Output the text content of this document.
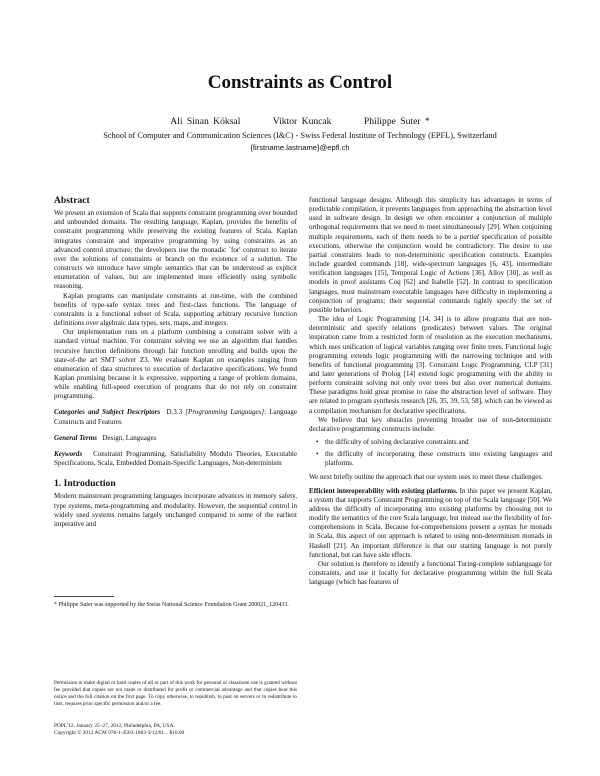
Constraints as Control
Ali Sinan Köksal	Viktor Kuncak	Philippe Suter *
School of Computer and Communication Sciences (I&C) - Swiss Federal Institute of Technology (EPFL), Switzerland
{firstname.lastname}@epfl.ch
Abstract

We present an extension of Scala that supports constraint programming over bounded and unbounded domains. The resulting language, Kaplan, provides the benefits of constraint programming while preserving the existing features of Scala. Kaplan integrates constraint and imperative programming by using constraints as an advanced control structure; the developers use the monadic `for' construct to iterate over the solutions of constraints or branch on the existence of a solution. The constructs we introduce have simple semantics that can be understood as explicit enumeration of values, but are implemented more efficiently using symbolic reasoning.

Kaplan programs can manipulate constraints at run-time, with the combined benefits of type-safe syntax trees and first-class functions. The language of constraints is a functional subset of Scala, supporting arbitrary recursive function definitions over algebraic data types, sets, maps, and integers.

Our implementation runs on a platform combining a constraint solver with a standard virtual machine. For constraint solving we use an algorithm that handles recursive function definitions through fair function unrolling and builds upon the state-of-the art SMT solver Z3. We evaluate Kaplan on examples ranging from enumeration of data structures to execution of declarative specifications. We found Kaplan promising because it is expressive, supporting a range of problem domains, while enabling full-speed execution of programs that do not rely on constraint programming.

Categories and Subject Descriptors D.3.3 [Programming Languages]: Language Constructs and Features

General Terms Design, Languages

Keywords Constraint Programming, Satisfiability Modulo Theories, Executable Specifications, Scala, Embedded Domain-Specific Languages, Non-determinism

1. Introduction

Modern mainstream programming languages incorporate advances in memory safety, type systems, meta-programming and modularity. However, the sequential control in widely used systems remains largely unchanged compared to some of the earliest imperative and

* Philippe Suter was supported by the Swiss National Science Foundation Grant 200021_120433.
Permission to make digital or hard copies of all or part of this work for personal or classroom use is granted without fee provided that copies are not made or distributed for profit or commercial advantage and that copies bear this notice and the full citation on the first page. To copy otherwise, to republish, to post on servers or to redistribute to lists, requires prior specific permission and/or a fee.
POPL'12, January 25–27, 2012, Philadelphia, PA, USA.
Copyright © 2012 ACM 978-1-4503-1083-3/12/01... $10.00

functional language designs. Although this simplicity has advantages in terms of predictable compilation, it prevents languages from approaching the abstraction level used in software design. In design we often encounter a conjunction of multiple orthogonal requirements that we need to meet simultaneously [29]. When conjoining multiple requirements, each of them needs to be a partial specification of possible executions, otherwise the conjunction would be contradictory. The desire to use partial constraints leads to non-deterministic specification constructs. Examples include guarded commands [18], wide-spectrum languages [6, 43], intermediate verification languages [15], Temporal Logic of Actions [36], Alloy [30], as well as models in proof assistants Coq [62] and Isabelle [52]. In contrast to specification languages, most mainstream executable languages have difficulty in implementing a conjunction of programs; their sequential commands tightly specify the set of possible behaviors.

The idea of Logic Programming [14, 34] is to allow programs that are non-deterministic and specify relations (predicates) between values. The original inspiration came from a restricted form of resolution as the execution mechanisms, which uses unification of logical variables ranging over finite trees. Functional logic programming extends logic programming with the narrowing technique and with benefits of functional programming [3]. Constraint Logic Programming, CLP [31] and later generations of Prolog [14] extend logic programming with the ability to perform constraint solving not only over trees but also over numerical domains. These paradigms hold great promise to raise the abstraction level of software. They are related to program synthesis research [26, 35, 39, 53, 58], which can be viewed as a compilation mechanism for declarative specifications.

We believe that key obstacles preventing broader use of non-deterministic declarative programming constructs include:

• the difficulty of solving declarative constraints and
• the difficulty of incorporating these constructs into existing languages and platforms.

We next briefly outline the approach that our system uses to meet these challenges.

Efficient interoperability with existing platforms. In this paper we present Kaplan, a system that supports Constraint Programming on top of the Scala language [50]. We address the difficulty of incorporating into existing platforms by choosing not to modify the semantics of the core Scala language, but instead use the flexibility of for-comprehensions in Scala. Because for-comprehensions present a syntax for monads in Scala, this aspect of our approach is related to using non-determinism monads in Haskell [21]. An important difference is that our starting language is not purely functional, but can have side effects.

Our solution is therefore to identify a functional Turing-complete sublanguage for constraints, and use it locally for declarative programming within the full Scala language (which has features of
